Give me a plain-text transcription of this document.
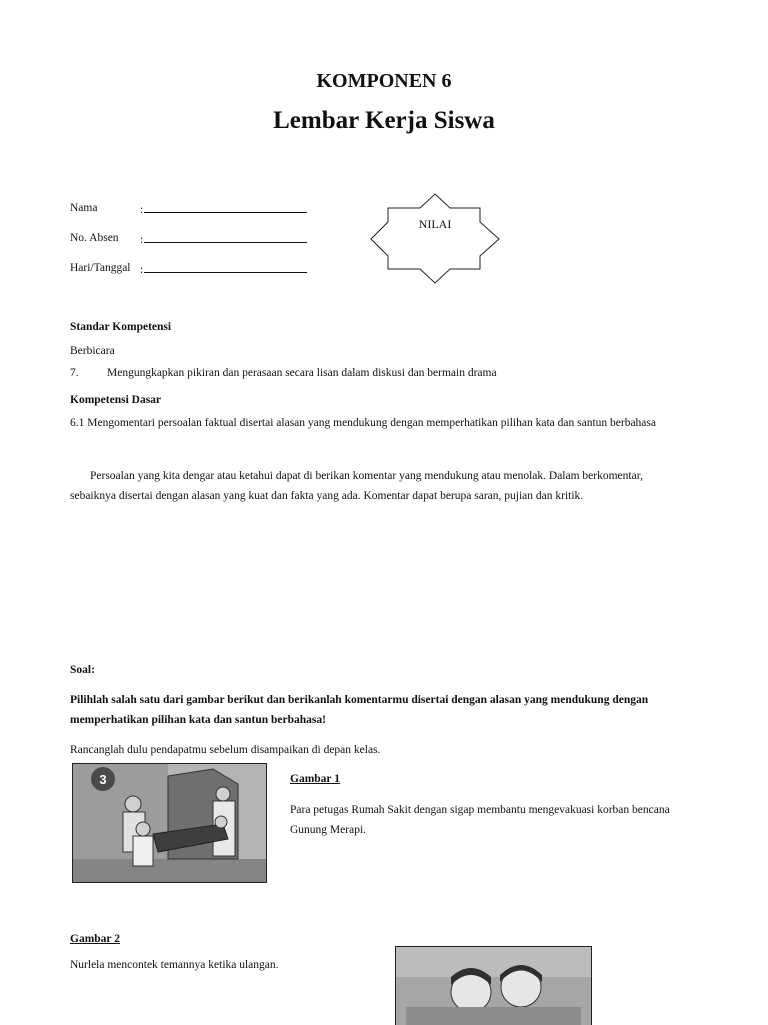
KOMPONEN 6
Lembar Kerja Siswa
Nama	:
No. Absen	:
Hari/Tanggal :
NILAI
Standar Kompetensi
Berbicara
7. Mengungkapkan pikiran dan perasaan secara lisan dalam diskusi dan bermain drama
Kompetensi Dasar
6.1 Mengomentari persoalan faktual disertai alasan yang mendukung dengan memperhatikan pilihan kata dan santun berbahasa
Persoalan yang kita dengar atau ketahui dapat di berikan komentar yang mendukung atau menolak. Dalam berkomentar,
sebaiknya disertai dengan alasan yang kuat dan fakta yang ada. Komentar dapat berupa saran, pujian dan kritik.
Soal:
Pilihlah salah satu dari gambar berikut dan berikanlah komentarmu disertai dengan alasan yang mendukung dengan
memperhatikan pilihan kata dan santun berbahasa!
Rancanglah dulu pendapatmu sebelum disampaikan di depan kelas.
3	Gambar 1
Para petugas Rumah Sakit dengan sigap membantu mengevakuasi korban bencana
Gunung Merapi.
Gambar 2
Nurlela mencontek temannya ketika ulangan.
